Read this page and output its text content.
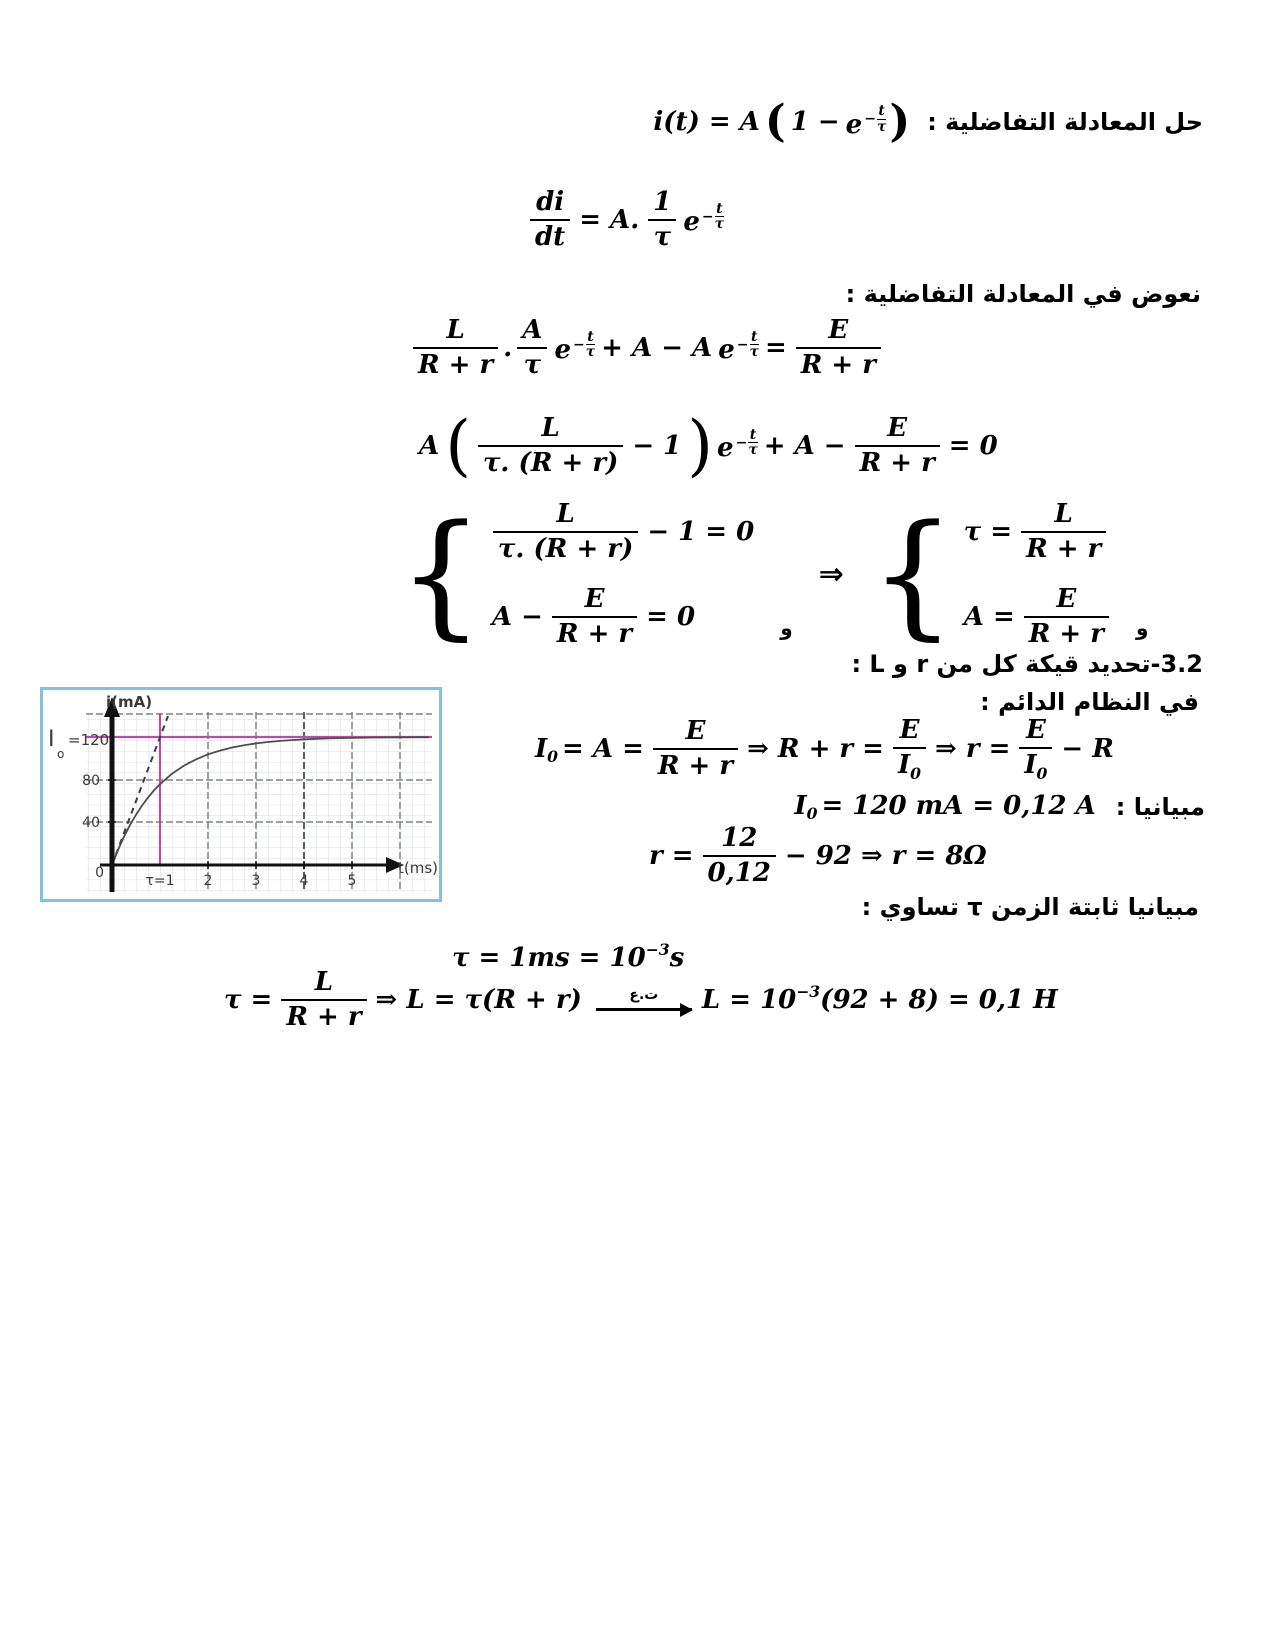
حل المعادلة التفاضلية :
i(t) = A ( $1 - e - \frac{t}{\tau}$ )
$\frac{di}{dt} = A$. $\frac{1}{\tau}$ $e - \frac{t}{\tau}$
نعوض في المعادلة التفاضلية :
$\frac{L}{R + r}$ . $\frac{A}{\tau}$ $e - \frac{t}{\tau} + A - A$ $e - \frac{t}{\tau} = \frac{E}{R + r}$
$A( \frac{L}{\tau. (R + r)} - 1)$ $e - \frac{t}{\tau} + A - \frac{E}{R + r} = 0$
{ $\frac{L}{\tau. (R + r)} - 1 = 0$
$A - \frac{E}{R + r} = 0$	و
⇒ { $\tau = \frac{L}{R + r}$
$A = \frac{E}{R + r}$ و
3.2-تحديد قيكة كل من r و L :
في النظام الدائم :
$I_0 = A = \frac{E}{R + r}$ ⇒ $R + r = \frac{E}{I_0}$ ⇒ $r = \frac{E}{I_0} - R$
مبيانيا :
$I_0 = 120$ mA = 0,12 A
$r = \frac{12}{0,12} - 92$ ⇒ r = 8Ω
مبيانيا ثابتة الزمن τ تساوي :
$\tau = 1ms = 10^{-3}s$
$\tau = \frac{L}{R + r}$ ⇒ L = τ(R + r)	ت.ع	$L = 10^{-3}(92 + 8) = 0,1$ H
i(mA)
I
o
=120
80
40
0	τ=1 2	3	4	5
t(ms)
